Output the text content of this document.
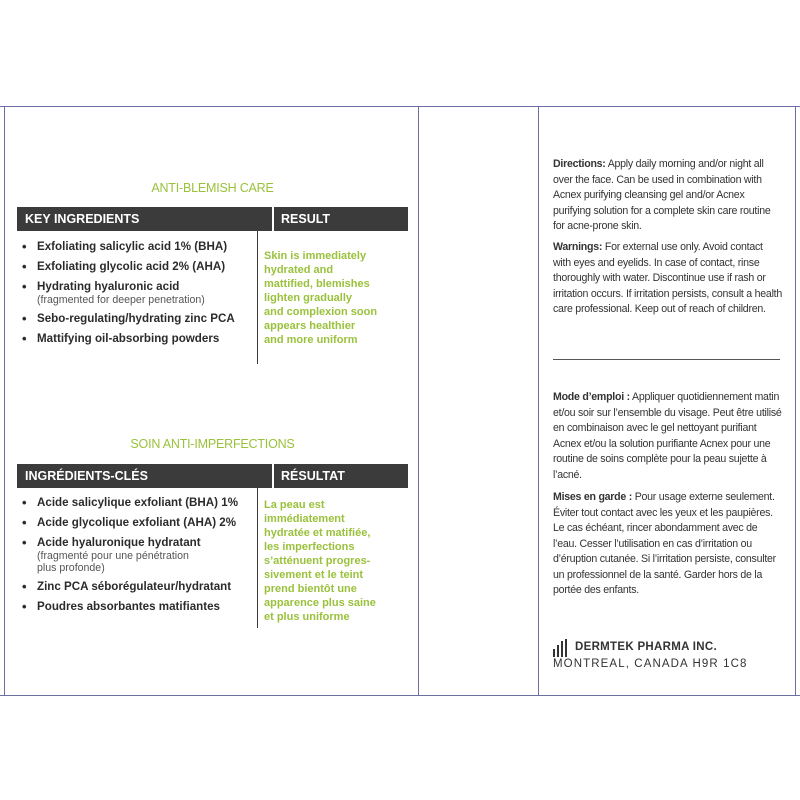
ANTI-BLEMISH CARE
KEY INGREDIENTS	RESULT
• Exfoliating salicylic acid 1% (BHA)
• Exfoliating glycolic acid 2% (AHA)
• Hydrating hyaluronic acid
(fragmented for deeper penetration)
• Sebo-regulating/hydrating zinc PCA
• Mattifying oil-absorbing powders
Skin is immediately
hydrated and
mattified, blemishes
lighten gradually
and complexion soon
appears healthier
and more uniform
SOIN ANTI-IMPERFECTIONS
INGRÉDIENTS-CLÉS	RÉSULTAT
• Acide salicylique exfoliant (BHA) 1%
• Acide glycolique exfoliant (AHA) 2%
• Acide hyaluronique hydratant
(fragmenté pour une pénétration
plus profonde)
• Zinc PCA séborégulateur/hydratant
• Poudres absorbantes matifiantes
La peau est
immédiatement
hydratée et matifiée,
les imperfections
s’atténuent progres-
sivement et le teint
prend bientôt une
apparence plus saine
et plus uniforme
Directions: Apply daily morning and/or night all over the face. Can be used in combination with Acnex purifying cleansing gel and/or Acnex purifying solution for a complete skin care routine for acne-prone skin.
Warnings: For external use only. Avoid contact with eyes and eyelids. In case of contact, rinse thoroughly with water. Discontinue use if rash or irritation occurs. If irritation persists, consult a health care professional. Keep out of reach of children.
Mode d’emploi : Appliquer quotidiennement matin et/ou soir sur l’ensemble du visage. Peut être utilisé en combinaison avec le gel nettoyant purifiant Acnex et/ou la solution purifiante Acnex pour une routine de soins complète pour la peau sujette à l’acné.
Mises en garde : Pour usage externe seulement. Éviter tout contact avec les yeux et les paupières. Le cas échéant, rincer abondamment avec de l’eau. Cesser l’utilisation en cas d’irritation ou d’éruption cutanée. Si l’irritation persiste, consulter un professionnel de la santé. Garder hors de la portée des enfants.
DERMTEK PHARMA INC.
MONTREAL, CANADA H9R 1C8
